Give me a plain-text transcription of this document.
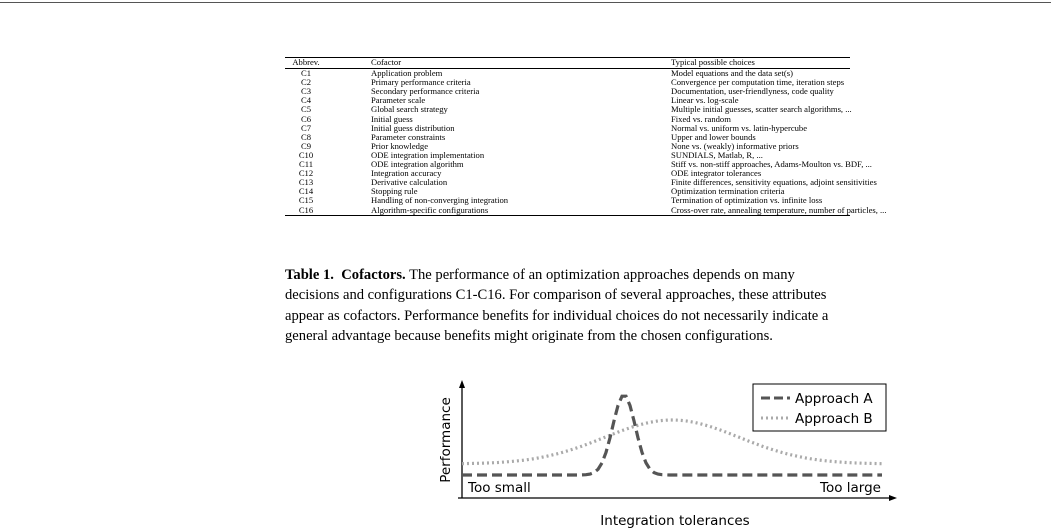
Abbrev.	Cofactor	Typical possible choices
C1	Application problem	Model equations and the data set(s)
C2	Primary performance criteria	Convergence per computation time, iteration steps
C3	Secondary performance criteria	Documentation, user-friendlyness, code quality
C4	Parameter scale	Linear vs. log-scale
C5	Global search strategy	Multiple initial guesses, scatter search algorithms, ...
C6	Initial guess	Fixed vs. random
C7	Initial guess distribution	Normal vs. uniform vs. latin-hypercube
C8	Parameter constraints	Upper and lower bounds
C9	Prior knowledge	None vs. (weakly) informative priors
C10	ODE integration implementation	SUNDIALS, Matlab, R, ...
C11	ODE integration algorithm	Stiff vs. non-stiff approaches, Adams-Moulton vs. BDF, ...
C12	Integration accuracy	ODE integrator tolerances
C13	Derivative calculation	Finite differences, sensitivity equations, adjoint sensitivities
C14	Stopping rule	Optimization termination criteria
C15	Handling of non-converging integration	Termination of optimization vs. infinite loss
C16	Algorithm-specific configurations	Cross-over rate, annealing temperature, number of particles, ...
Table 1. Cofactors. The performance of an optimization approaches depends on many decisions and configurations C1-C16. For comparison of several approaches, these attributes appear as cofactors. Performance benefits for individual choices do not necessarily indicate a general advantage because benefits might originate from the chosen configurations.
Approach A
Approach B
Too small	Too large
Integration tolerances
Performance
